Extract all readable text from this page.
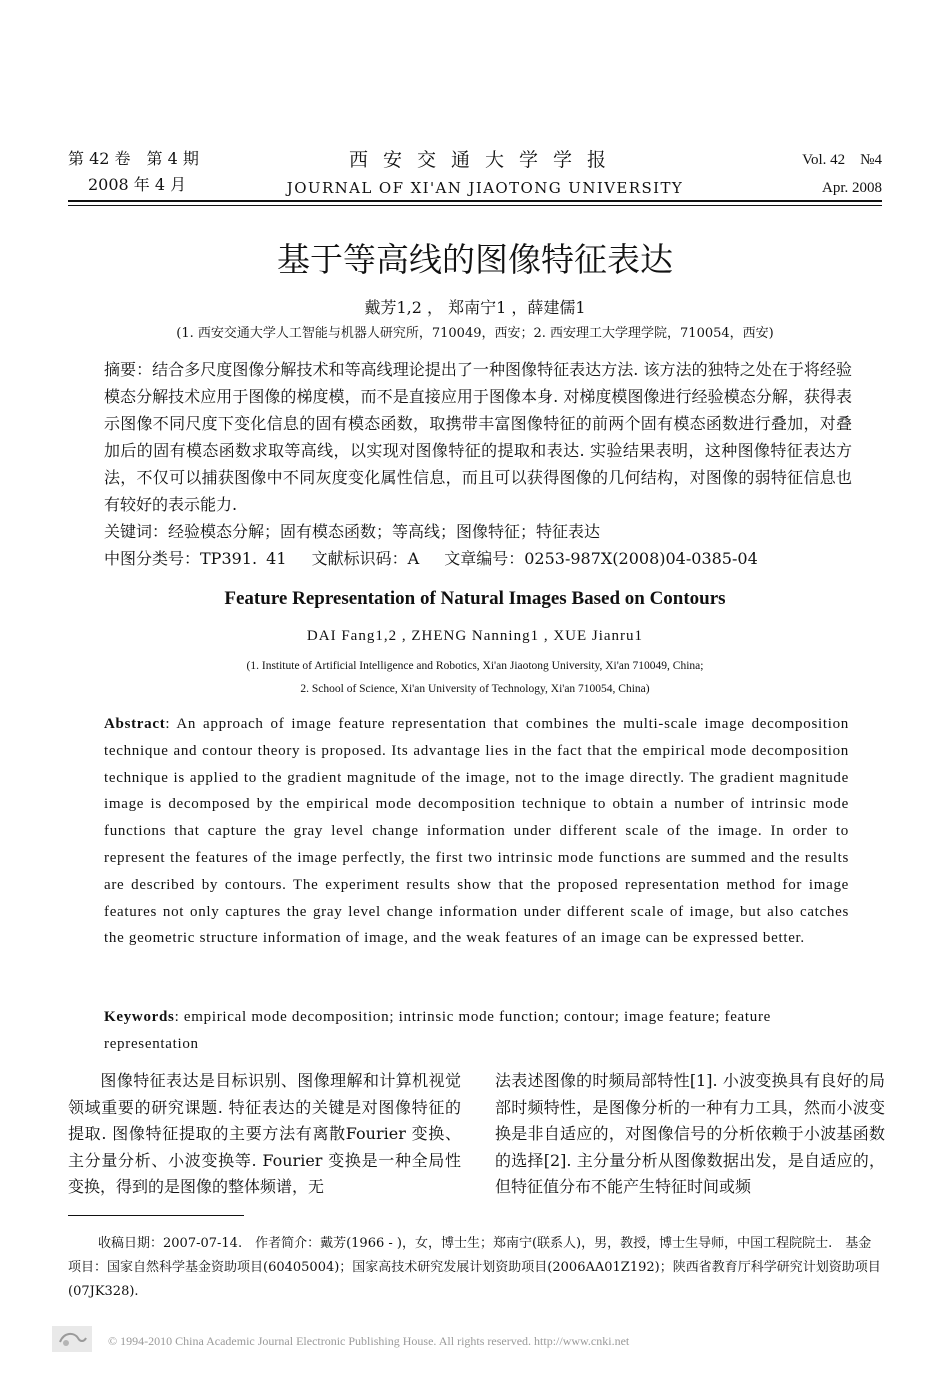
第 42 卷　第 4 期
2008 年 4 月
西安交通大学学报
JOURNAL OF XI'AN JIAOTONG UNIVERSITY
Vol. 42　№4
Apr. 2008
基于等高线的图像特征表达
戴芳1,2 ， 郑南宁1 ，薛建儒1
(1. 西安交通大学人工智能与机器人研究所，710049，西安；2. 西安理工大学理学院，710054，西安)
摘要：结合多尺度图像分解技术和等高线理论提出了一种图像特征表达方法. 该方法的独特之处在于将经验模态分解技术应用于图像的梯度模，而不是直接应用于图像本身. 对梯度模图像进行经验模态分解，获得表示图像不同尺度下变化信息的固有模态函数，取携带丰富图像特征的前两个固有模态函数进行叠加，对叠加后的固有模态函数求取等高线，以实现对图像特征的提取和表达. 实验结果表明，这种图像特征表达方法，不仅可以捕获图像中不同灰度变化属性信息，而且可以获得图像的几何结构，对图像的弱特征信息也有较好的表示能力.
关键词：经验模态分解；固有模态函数；等高线；图像特征；特征表达
中图分类号：TP391. 41　 文献标识码：A　 文章编号：0253-987X(2008)04-0385-04
Feature Representation of Natural Images Based on Contours
DAI Fang1,2 , ZHENG Nanning1 , XUE Jianru1
(1. Institute of Artificial Intelligence and Robotics, Xi'an Jiaotong University, Xi'an 710049, China;
2. School of Science, Xi'an University of Technology, Xi'an 710054, China)
Abstract: An approach of image feature representation that combines the multi-scale image decomposition technique and contour theory is proposed. Its advantage lies in the fact that the empirical mode decomposition technique is applied to the gradient magnitude of the image, not to the image directly. The gradient magnitude image is decomposed by the empirical mode decomposition technique to obtain a number of intrinsic mode functions that capture the gray level change information under different scale of the image. In order to represent the features of the image perfectly, the first two intrinsic mode functions are summed and the results are described by contours. The experiment results show that the proposed representation method for image features not only captures the gray level change information under different scale of image, but also catches the geometric structure information of image, and the weak features of an image can be expressed better.
Keywords: empirical mode decomposition; intrinsic mode function; contour; image feature; feature representation
图像特征表达是目标识别、图像理解和计算机视觉领域重要的研究课题. 特征表达的关键是对图像特征的提取. 图像特征提取的主要方法有离散Fourier 变换、主分量分析、小波变换等. Fourier 变换是一种全局性变换，得到的是图像的整体频谱，无
法表述图像的时频局部特性[1]. 小波变换具有良好的局部时频特性，是图像分析的一种有力工具，然而小波变换是非自适应的，对图像信号的分析依赖于小波基函数的选择[2]. 主分量分析从图像数据出发，是自适应的，但特征值分布不能产生特征时间或频
收稿日期：2007-07-14.　作者简介：戴芳(1966 - )，女，博士生；郑南宁(联系人)，男，教授，博士生导师，中国工程院院士.　基金项目：国家自然科学基金资助项目(60405004)；国家高技术研究发展计划资助项目(2006AA01Z192)；陕西省教育厅科学研究计划资助项目(07JK328).
© 1994-2010 China Academic Journal Electronic Publishing House. All rights reserved. http://www.cnki.net
